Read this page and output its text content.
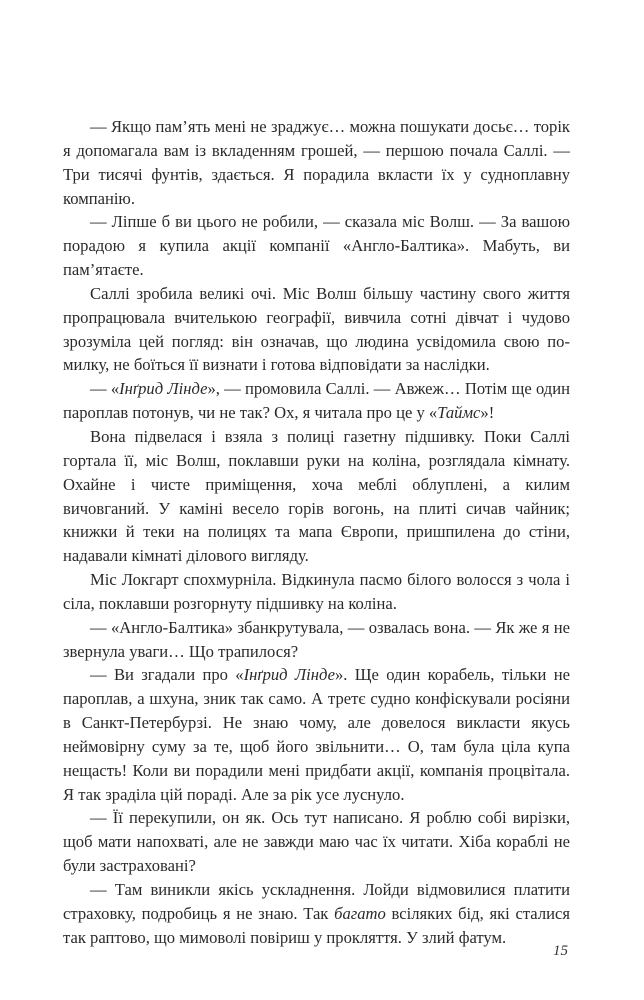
— Якщо пам’ять мені не зраджує… можна пошукати досьє… торік я допомагала вам із вкладенням грошей, — першою почала Саллі. — Три тисячі фунтів, здається. Я порадила вкласти їх у судноплавну компанію.

— Ліпше б ви цього не робили, — сказала міс Волш. — За вашою порадою я купила акції компанії «Англо-Балтика». Мабуть, ви пам’ятаєте.

Саллі зробила великі очі. Міс Волш більшу частину свого життя пропрацювала вчителькою географії, вивчила сотні дівчат і чудово зрозуміла цей погляд: він означав, що людина усвідомила свою помилку, не боїться її визнати і готова відповідати за наслідки.

— «Інґрид Лінде», — промовила Саллі. — Авжеж… Потім ще один пароплав потонув, чи не так? Ох, я читала про це у «Таймс»!

Вона підвелася і взяла з полиці газетну підшивку. Поки Саллі гортала її, міс Волш, поклавши руки на коліна, розглядала кімнату. Охайне і чисте приміщення, хоча меблі облуплені, а килим вичовганий. У каміні весело горів вогонь, на плиті сичав чайник; книжки й теки на полицях та мапа Європи, пришпилена до стіни, надавали кімнаті ділового вигляду.

Міс Локгарт спохмурніла. Відкинула пасмо білого волосся з чола і сіла, поклавши розгорнуту підшивку на коліна.

— «Англо-Балтика» збанкрутувала, — озвалась вона. — Як же я не звернула уваги… Що трапилося?

— Ви згадали про «Інґрид Лінде». Ще один корабель, тільки не пароплав, а шхуна, зник так само. А третє судно конфіскували росіяни в Санкт-Петербурзі. Не знаю чому, але довелося викласти якусь неймовірну суму за те, щоб його звільнити… О, там була ціла купа нещасть! Коли ви порадили мені придбати акції, компанія процвітала. Я так зраділа цій пораді. Але за рік усе луснуло.

— Її перекупили, он як. Ось тут написано. Я роблю собі вирізки, щоб мати напохваті, але не завжди маю час їх читати. Хіба кораблі не були застраховані?

— Там виникли якісь ускладнення. Лойди відмовилися платити страховку, подробиць я не знаю. Так багато всіляких бід, які сталися так раптово, що мимоволі повіриш у прокляття. У злий фатум.

15
